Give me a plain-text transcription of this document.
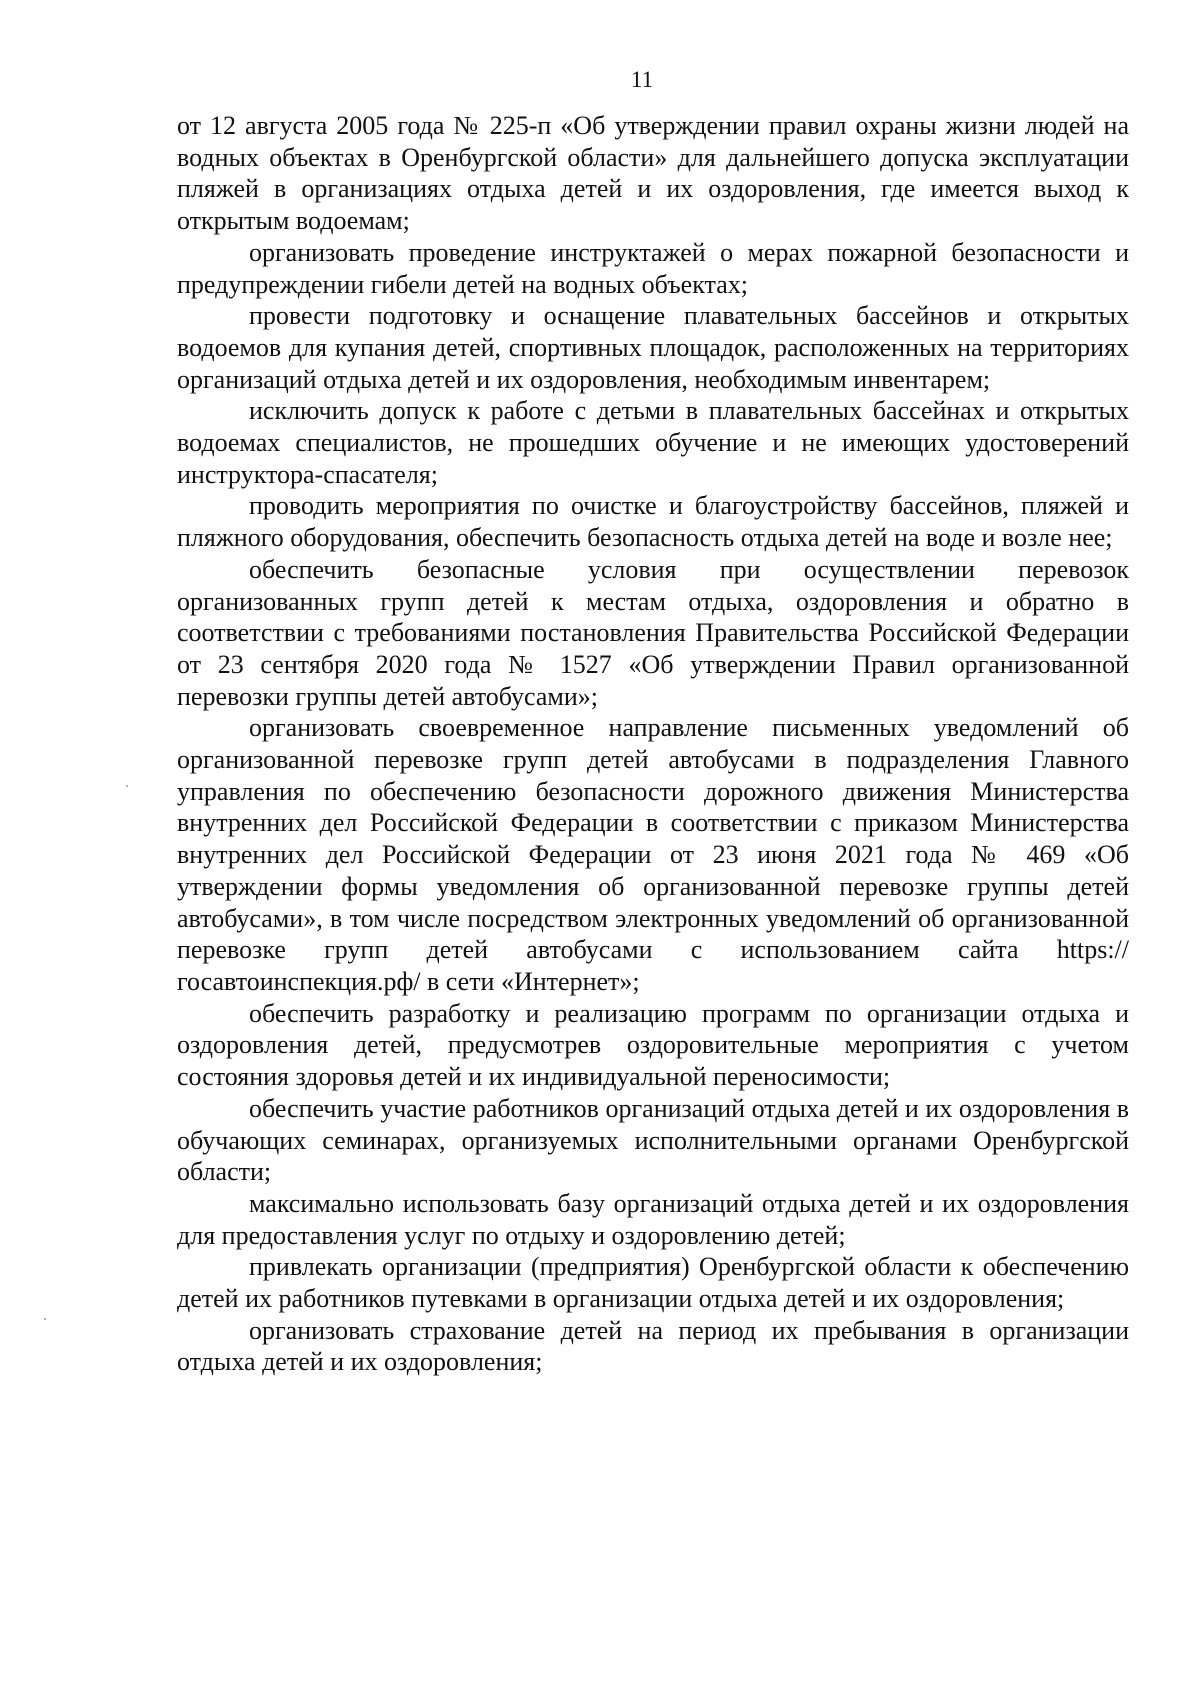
11

от 12 августа 2005 года № 225-п «Об утверждении правил охраны жизни людей на водных объектах в Оренбургской области» для дальнейшего допуска эксплуатации пляжей в организациях отдыха детей и их оздоровления, где имеется выход к открытым водоемам;

организовать проведение инструктажей о мерах пожарной безопасности и предупреждении гибели детей на водных объектах;

провести подготовку и оснащение плавательных бассейнов и открытых водоемов для купания детей, спортивных площадок, расположенных на территориях организаций отдыха детей и их оздоровления, необходимым инвентарем;

исключить допуск к работе с детьми в плавательных бассейнах и открытых водоемах специалистов, не прошедших обучение и не имеющих удостоверений инструктора-спасателя;

проводить мероприятия по очистке и благоустройству бассейнов, пляжей и пляжного оборудования, обеспечить безопасность отдыха детей на воде и возле нее;

обеспечить безопасные условия при осуществлении перевозок организованных групп детей к местам отдыха, оздоровления и обратно в соответствии с требованиями постановления Правительства Российской Федерации от 23 сентября 2020 года № 1527 «Об утверждении Правил организованной перевозки группы детей автобусами»;

организовать своевременное направление письменных уведомлений об организованной перевозке групп детей автобусами в подразделения Главного управления по обеспечению безопасности дорожного движения Министерства внутренних дел Российской Федерации в соответствии с приказом Министерства внутренних дел Российской Федерации от 23 июня 2021 года № 469 «Об утверждении формы уведомления об организованной перевозке группы детей автобусами», в том числе посредством электронных уведомлений об организованной перевозке групп детей автобусами с использованием сайта https://госавтоинспекция.рф/ в сети «Интернет»;

обеспечить разработку и реализацию программ по организации отдыха и оздоровления детей, предусмотрев оздоровительные мероприятия с учетом состояния здоровья детей и их индивидуальной переносимости;

обеспечить участие работников организаций отдыха детей и их оздоровления в обучающих семинарах, организуемых исполнительными органами Оренбургской области;

максимально использовать базу организаций отдыха детей и их оздоровления для предоставления услуг по отдыху и оздоровлению детей;

привлекать организации (предприятия) Оренбургской области к обеспечению детей их работников путевками в организации отдыха детей и их оздоровления;

организовать страхование детей на период их пребывания в организации отдыха детей и их оздоровления;
